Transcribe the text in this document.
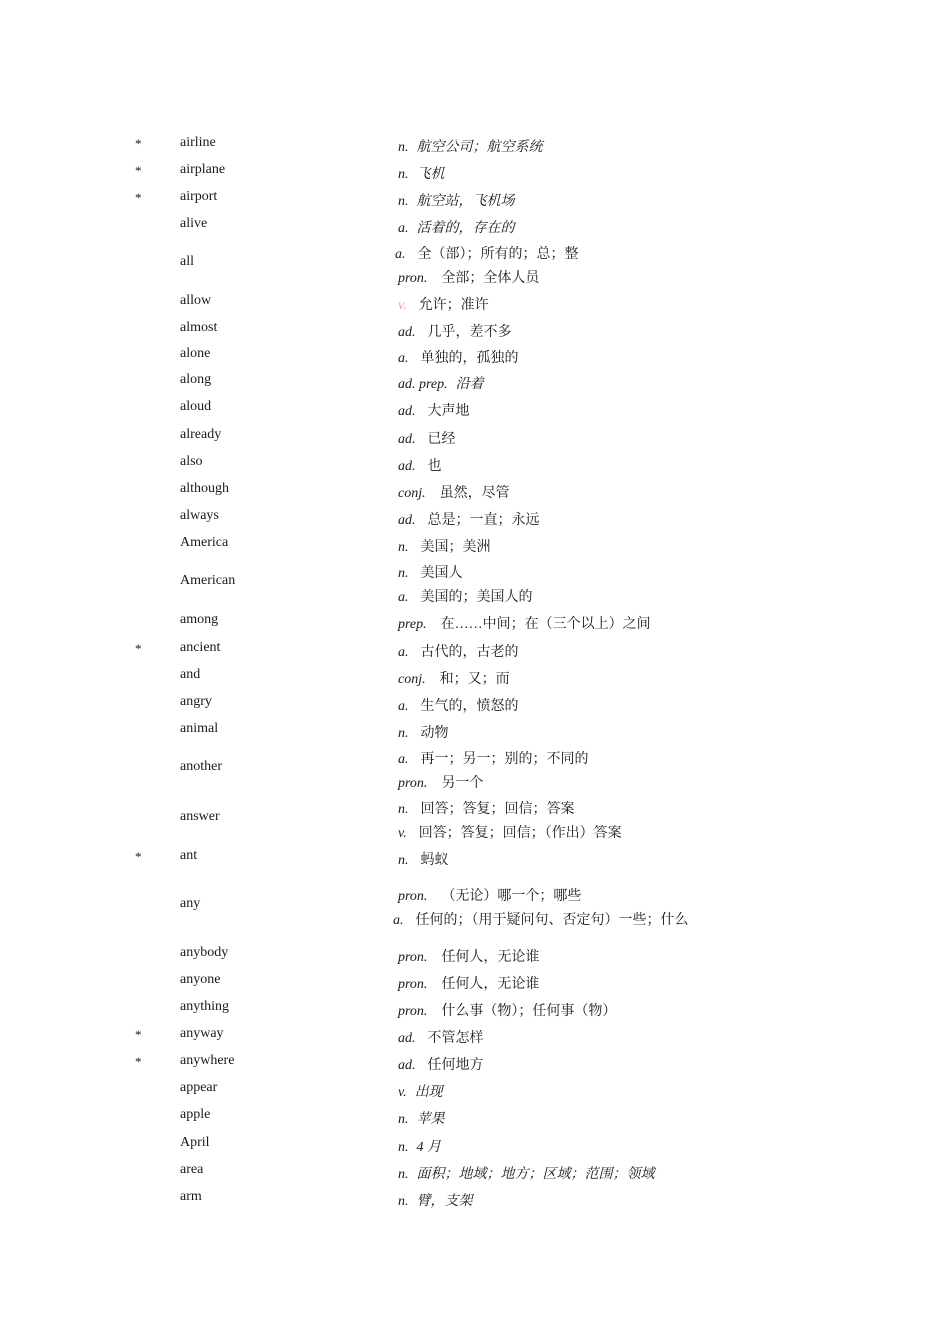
*	airline	n. 航空公司；航空系统
*	airplane	n. 飞机
*	airport	n. 航空站，飞机场
alive	a. 活着的，存在的
all	a. 全（部）；所有的；总；整
pron. 全部；全体人员
allow	v. 允许；准许
almost	ad. 几乎，差不多
alone	a. 单独的，孤独的
along	ad. prep. 沿着
aloud	ad. 大声地
already	ad. 已经
also	ad. 也
although	conj. 虽然，尽管
always	ad. 总是；一直；永远
America	n. 美国；美洲
American	n. 美国人
a. 美国的；美国人的
among	prep. 在……中间；在（三个以上）之间
*	ancient	a. 古代的，古老的
and	conj. 和；又；而
angry	a. 生气的，愤怒的
animal	n. 动物
another	a. 再一；另一；别的；不同的
pron. 另一个
answer	n. 回答；答复；回信；答案
v. 回答；答复；回信；（作出）答案
*	ant	n. 蚂蚁
any	pron. （无论）哪一个；哪些
a. 任何的；（用于疑问句、否定句）一些；什么
anybody	pron. 任何人，无论谁
anyone	pron. 任何人，无论谁
anything	pron. 什么事（物）；任何事（物）
*	anyway	ad. 不管怎样
*	anywhere	ad. 任何地方
appear	v. 出现
apple	n. 苹果
April	n. 4 月
area	n. 面积；地域；地方；区域；范围；领域
arm	n. 臂，支架
